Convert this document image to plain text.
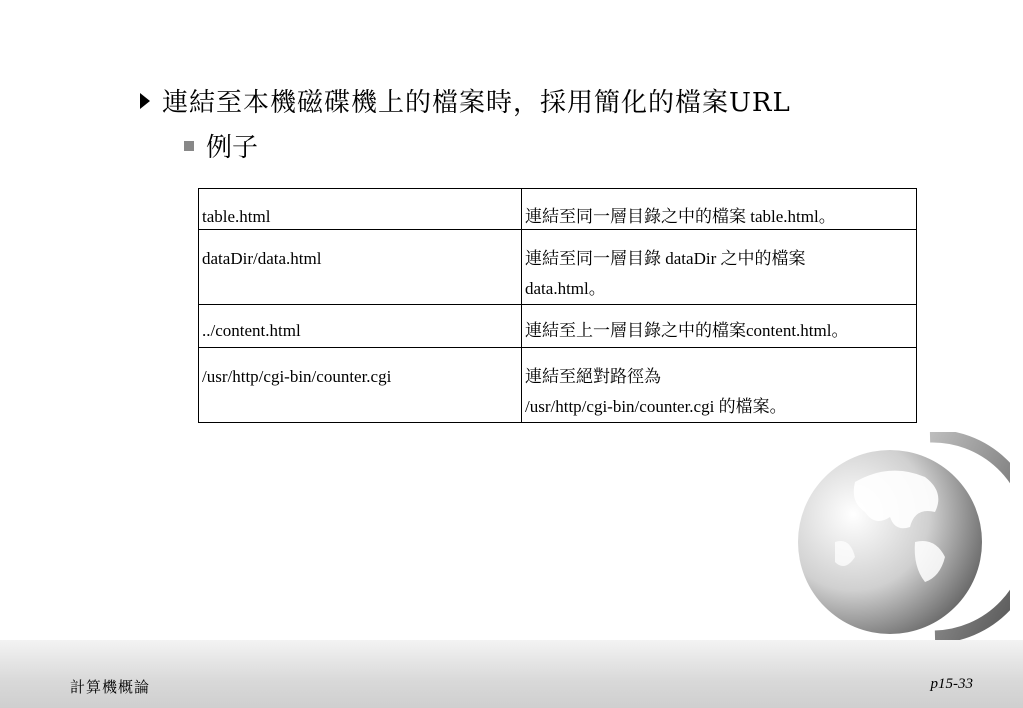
連結至本機磁碟機上的檔案時，採用簡化的檔案URL
例子
table.html	連結至同一層目錄之中的檔案 table.html。

dataDir/data.html	連結至同一層目錄 dataDir 之中的檔案
data.html。

../content.html	連結至上一層目錄之中的檔案content.html。

/usr/http/cgi-bin/counter.cgi	連結至絕對路徑為
/usr/http/cgi-bin/counter.cgi 的檔案。
計算機概論	p15-33
